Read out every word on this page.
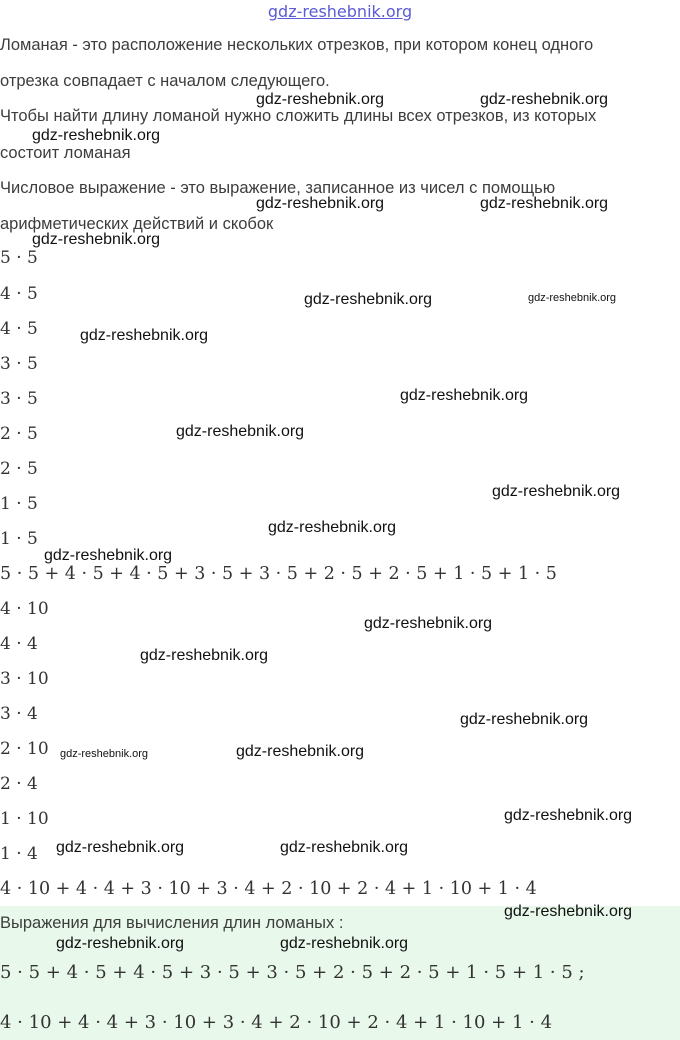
gdz-reshebnik.org
Ломаная - это расположение нескольких отрезков, при котором конец одного
отрезка совпадает с началом следующего.
Чтобы найти длину ломаной нужно сложить длины всех отрезков, из которых
состоит ломаная
Числовое выражение - это выражение, записанное из чисел с помощью
арифметических действий и скобок
5 · 5
4 · 5
4 · 5
3 · 5
3 · 5
2 · 5
2 · 5
1 · 5
1 · 5
5 · 5 + 4 · 5 + 4 · 5 + 3 · 5 + 3 · 5 + 2 · 5 + 2 · 5 + 1 · 5 + 1 · 5
4 · 10
4 · 4
3 · 10
3 · 4
2 · 10
2 · 4
1 · 10
1 · 4
4 · 10 + 4 · 4 + 3 · 10 + 3 · 4 + 2 · 10 + 2 · 4 + 1 · 10 + 1 · 4
Выражения для вычисления длин ломаных :
5 · 5 + 4 · 5 + 4 · 5 + 3 · 5 + 3 · 5 + 2 · 5 + 2 · 5 + 1 · 5 + 1 · 5 ;
4 · 10 + 4 · 4 + 3 · 10 + 3 · 4 + 2 · 10 + 2 · 4 + 1 · 10 + 1 · 4
gdz-reshebnik.org	gdz-reshebnik.org
gdz-reshebnik.org
gdz-reshebnik.org	gdz-reshebnik.org
gdz-reshebnik.org
gdz-reshebnik.org	gdz-reshebnik.org
gdz-reshebnik.org
gdz-reshebnik.org
gdz-reshebnik.org
gdz-reshebnik.org
gdz-reshebnik.org
gdz-reshebnik.org
gdz-reshebnik.org
gdz-reshebnik.org
gdz-reshebnik.org
gdz-reshebnik.org	gdz-reshebnik.org
gdz-reshebnik.org
gdz-reshebnik.org	gdz-reshebnik.org
gdz-reshebnik.org
gdz-reshebnik.org	gdz-reshebnik.org
